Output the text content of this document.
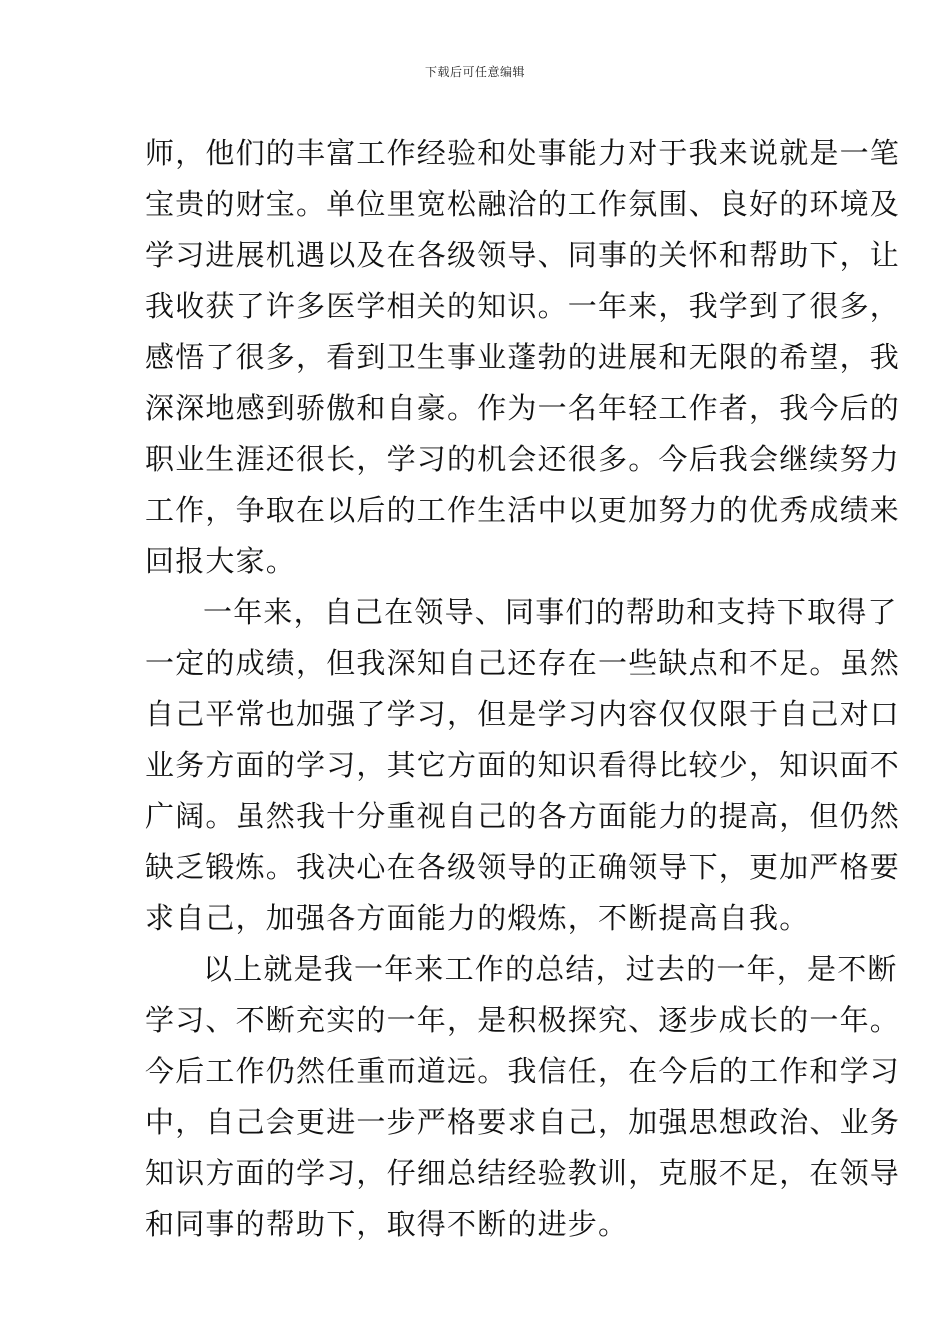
下载后可任意编辑
师，他们的丰富工作经验和处事能力对于我来说就是一笔
宝贵的财宝。单位里宽松融洽的工作氛围、良好的环境及
学习进展机遇以及在各级领导、同事的关怀和帮助下，让
我收获了许多医学相关的知识。一年来，我学到了很多，
感悟了很多，看到卫生事业蓬勃的进展和无限的希望，我
深深地感到骄傲和自豪。作为一名年轻工作者，我今后的
职业生涯还很长，学习的机会还很多。今后我会继续努力
工作，争取在以后的工作生活中以更加努力的优秀成绩来
回报大家。
一年来，自己在领导、同事们的帮助和支持下取得了
一定的成绩，但我深知自己还存在一些缺点和不足。虽然
自己平常也加强了学习，但是学习内容仅仅限于自己对口
业务方面的学习，其它方面的知识看得比较少，知识面不
广阔。虽然我十分重视自己的各方面能力的提高，但仍然
缺乏锻炼。我决心在各级领导的正确领导下，更加严格要
求自己，加强各方面能力的煅炼，不断提高自我。
以上就是我一年来工作的总结，过去的一年，是不断
学习、不断充实的一年，是积极探究、逐步成长的一年。
今后工作仍然任重而道远。我信任，在今后的工作和学习
中，自己会更进一步严格要求自己，加强思想政治、业务
知识方面的学习，仔细总结经验教训，克服不足，在领导
和同事的帮助下，取得不断的进步。
